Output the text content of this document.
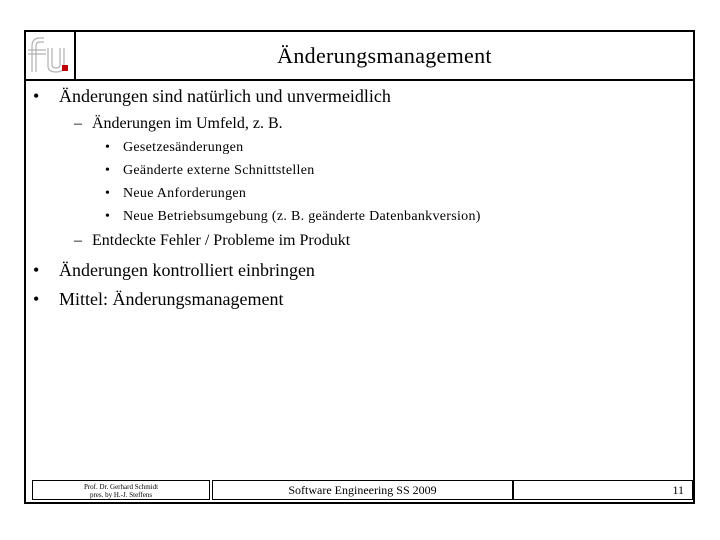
Änderungsmanagement
• Änderungen sind natürlich und unvermeidlich
– Änderungen im Umfeld, z. B.
• Gesetzesänderungen
• Geänderte externe Schnittstellen
• Neue Anforderungen
• Neue Betriebsumgebung (z. B. geänderte Datenbankversion)
– Entdeckte Fehler / Probleme im Produkt
• Änderungen kontrolliert einbringen
• Mittel: Änderungsmanagement
Prof. Dr. Gerhard Schmidt
pres. by H.-J. Steffens	Software Engineering SS 2009	11
